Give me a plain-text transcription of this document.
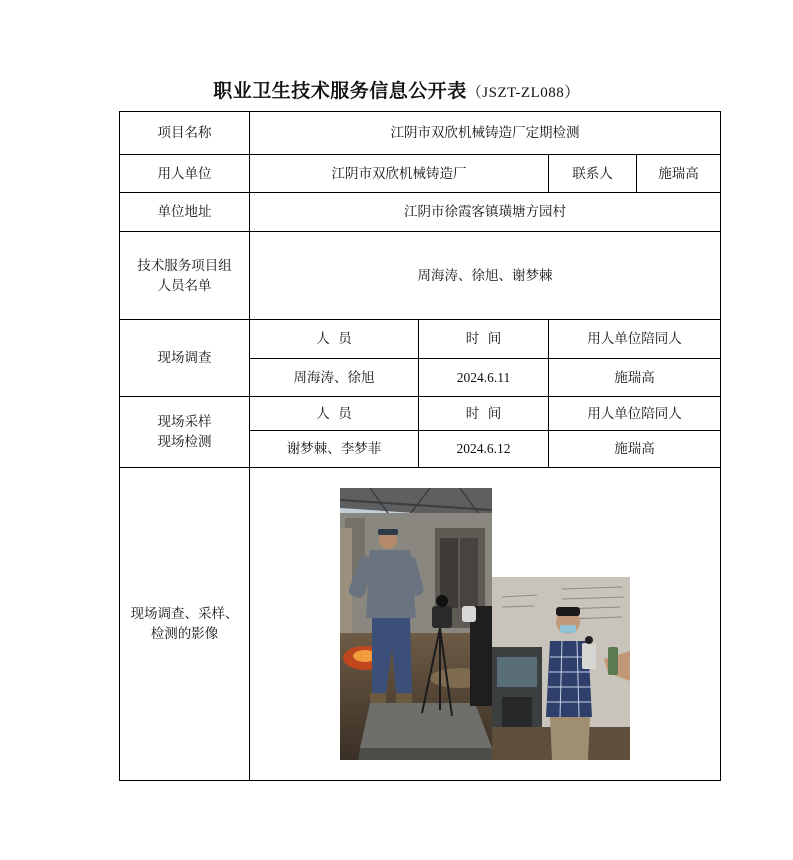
职业卫生技术服务信息公开表（JSZT-ZL088）
项目名称	江阴市双欣机械铸造厂定期检测			
用人单位	江阴市双欣机械铸造厂		联系人	施瑞高
单位地址	江阴市徐霞客镇璜塘方园村			

技术服务项目组
人员名单	周海涛、徐旭、谢梦棘			
现场调查	人  员	时  间	用人单位陪同人	
	周海涛、徐旭	2024.6.11	施瑞高	

现场采样
现场检测	人  员	时  间	用人单位陪同人	
	谢梦棘、李梦菲	2024.6.12	施瑞高	

现场调查、采样、
检测的影像
